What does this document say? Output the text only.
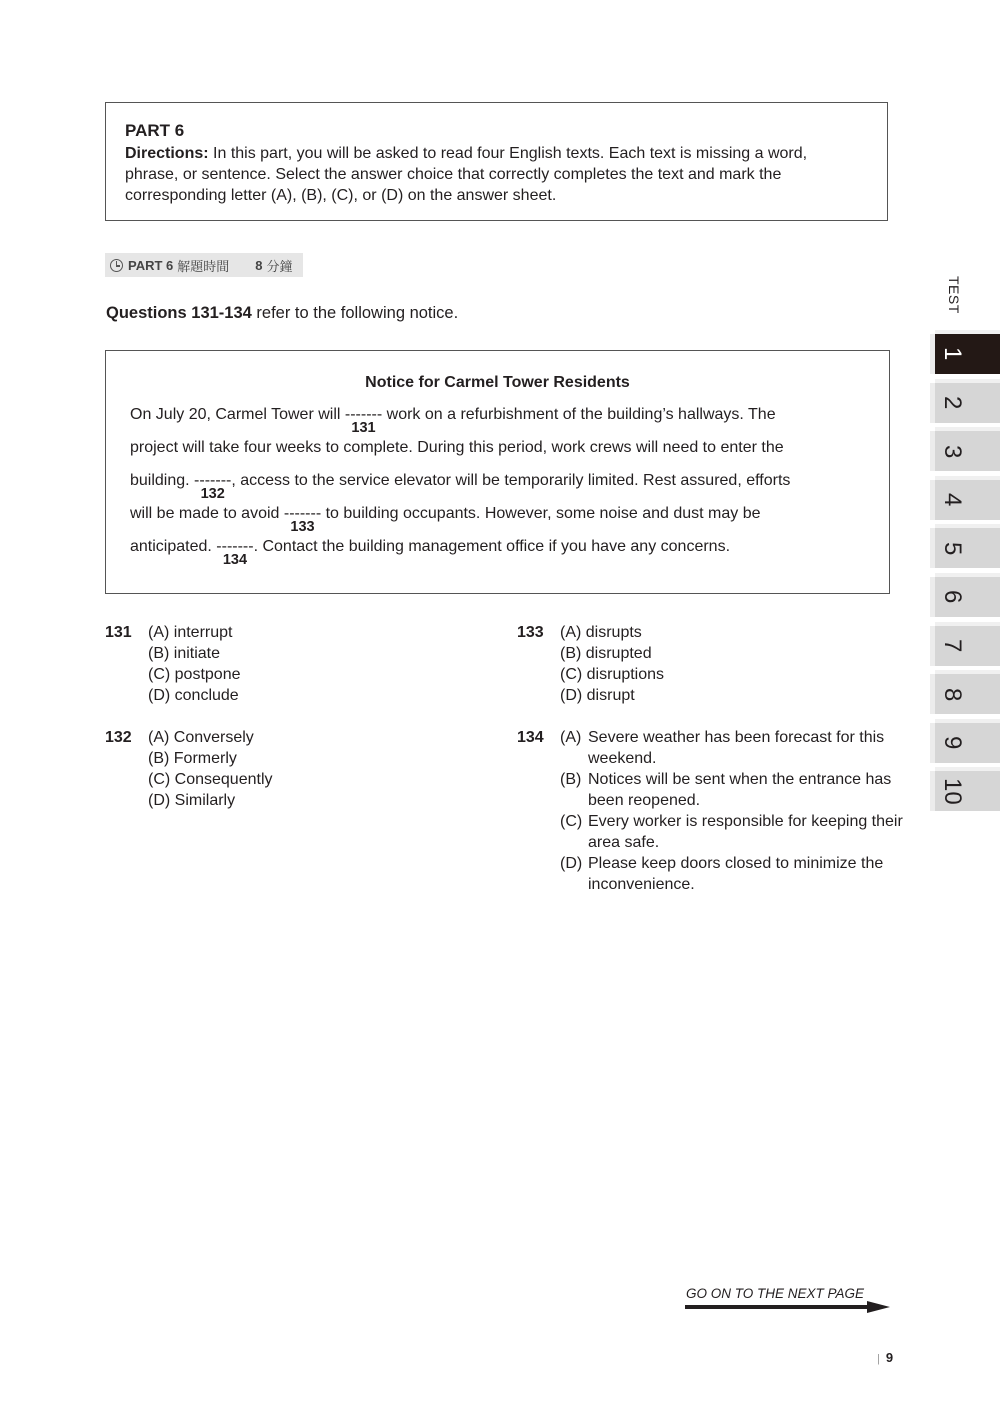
PART 6
Directions: In this part, you will be asked to read four English texts. Each text is missing a word,
phrase, or sentence. Select the answer choice that correctly completes the text and mark the
corresponding letter (A), (B), (C), or (D) on the answer sheet.
PART 6 解題時間 8 分鐘
Questions 131-134 refer to the following notice.
Notice for Carmel Tower Residents
On July 20, Carmel Tower will -------
131
work on a refurbishment of the building’s hallways. The
project will take four weeks to complete. During this period, work crews will need to enter the
building. -------
132
, access to the service elevator will be temporarily limited. Rest assured, efforts
will be made to avoid -------
133
to building occupants. However, some noise and dust may be
anticipated. -------
134
. Contact the building management office if you have any concerns.
131 (A) interrupt
(B) initiate
(C) postpone
(D) conclude
132 (A) Conversely
(B) Formerly
(C) Consequently
(D) Similarly
133 (A) disrupts
(B) disrupted
(C) disruptions
(D) disrupt
134 (A) Severe weather has been forecast for this weekend.
(B) Notices will be sent when the entrance has been reopened.
(C) Every worker is responsible for keeping their area safe.
(D) Please keep doors closed to minimize the inconvenience.
TEST
1
2
3
4
5
6
7
8
9
10
GO ON TO THE NEXT PAGE
| 9
